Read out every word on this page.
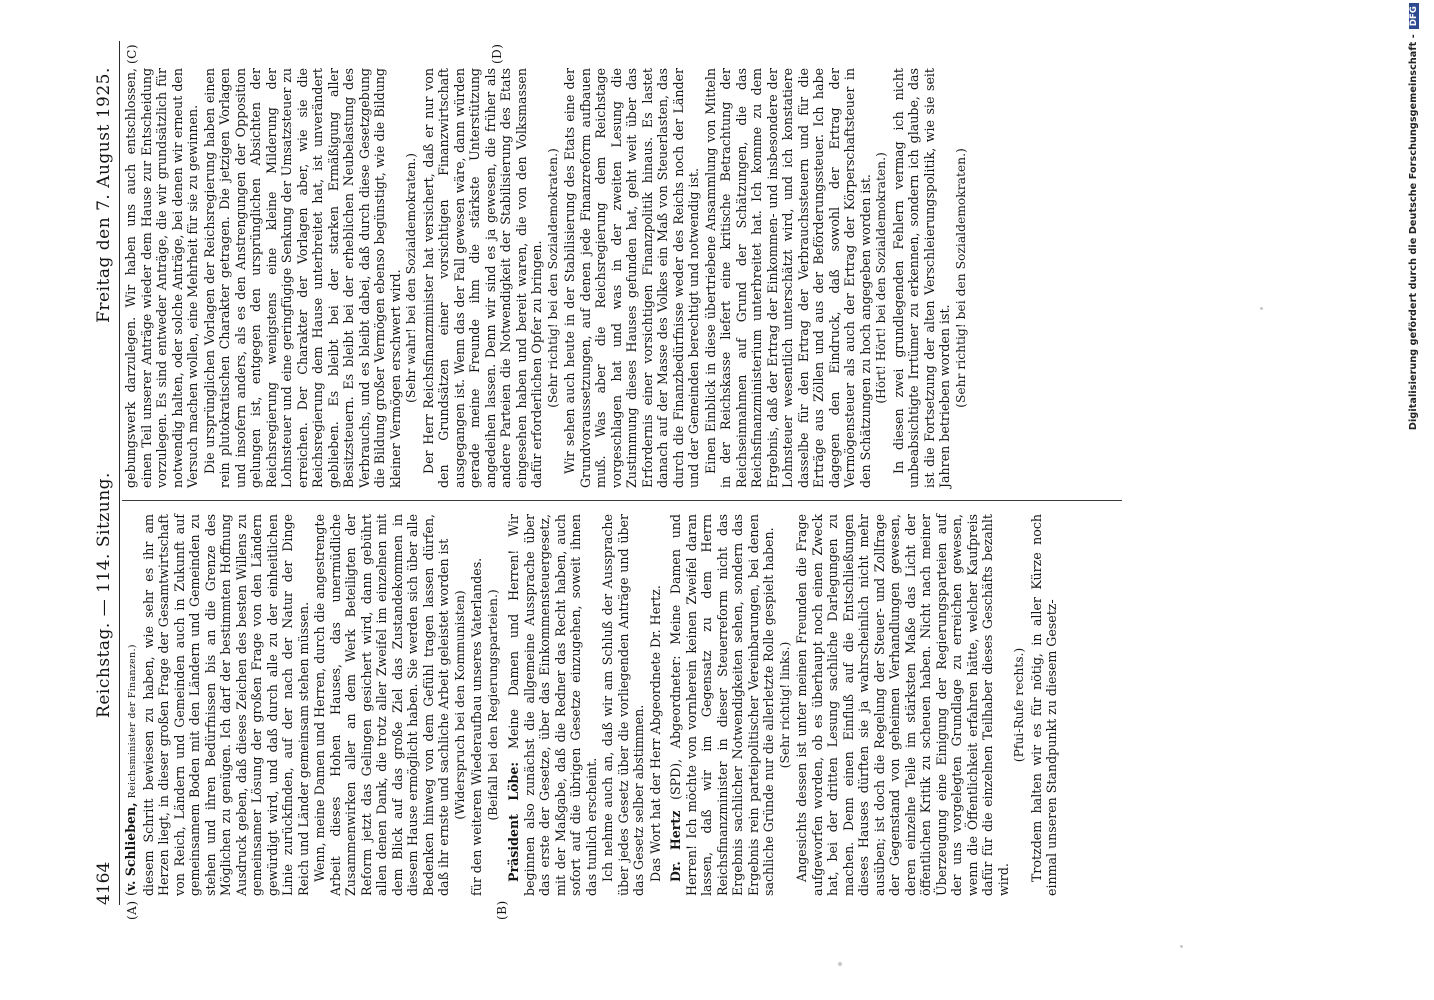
4164
Reichstag. — 114. Sitzung.
Freitag den 7. August 1925.
(A)	(B)
(C)	(D)

(v. Schlieben, Reichsminister der Finanzen.) diesem Schritt bewiesen zu haben, wie sehr es ihr am Herzen liegt, in dieser großen Frage der Gesamtwirtschaft von Reich, Ländern und Gemeinden auch in Zukunft auf gemeinsamem Boden mit den Ländern und Gemeinden zu stehen und ihren Bedürfnissen bis an die Grenze des Möglichen zu genügen. Ich darf der bestimmten Hoffnung Ausdruck geben, daß dieses Zeichen des besten Willens zu gemeinsamer Lösung der großen Frage von den Ländern gewürdigt wird, und daß durch alle zu der einheitlichen Linie zurückfinden, auf der nach der Natur der Dinge Reich und Länder gemeinsam stehen müssen. Wenn, meine Damen und Herren, durch die angestrengte Arbeit dieses Hohen Hauses, das unermüdliche Zusammenwirken aller an dem Werk Beteiligten der Reform jetzt das Gelingen gesichert wird, dann gebührt allen denen Dank, die trotz aller Zweifel im einzelnen mit dem Blick auf das große Ziel das Zustandekommen in diesem Hause ermöglicht haben. Sie werden sich über alle Bedenken hinweg von dem Gefühl tragen lassen dürfen, daß ihr ernste und sachliche Arbeit geleistet worden ist (Widerspruch bei den Kommunisten) für den weiteren Wiederaufbau unseres Vaterlandes. (Beifall bei den Regierungsparteien.)

Präsident Löbe: Meine Damen und Herren! Wir beginnen also zunächst die allgemeine Aussprache über das erste der Gesetze, über das Einkommensteuergesetz, mit der Maßgabe, daß die Redner das Recht haben, auch sofort auf die übrigen Gesetze einzugehen, soweit ihnen das tunlich erscheint. Ich nehme auch an, daß wir am Schluß der Aussprache über jedes Gesetz über die vorliegenden Anträge und über das Gesetz selber abstimmen. Das Wort hat der Herr Abgeordnete Dr. Hertz. Dr. Hertz (SPD), Abgeordneter: Meine Damen und Herren! Ich möchte von vornherein keinen Zweifel daran lassen, daß wir im Gegensatz zu dem Herrn Reichsfinanzminister in dieser Steuerreform nicht das Ergebnis sachlicher Notwendigkeiten sehen, sondern das Ergebnis rein parteipolitischer Vereinbarungen, bei denen sachliche Gründe nur die allerletzte Rolle gespielt haben. (Sehr richtig! links.) Angesichts dessen ist unter meinen Freunden die Frage aufgeworfen worden, ob es überhaupt noch einen Zweck hat, bei der dritten Lesung sachliche Darlegungen zu machen. Denn einen Einfluß auf die Entschließungen dieses Hauses dürften sie ja wahrscheinlich nicht mehr ausüben; ist doch die Regelung der Steuer- und Zollfrage der Gegenstand von geheimen Verhandlungen gewesen, deren einzelne Teile im stärksten Maße das Licht der öffentlichen Kritik zu scheuen haben. Nicht nach meiner Überzeugung eine Einigung der Regierungsparteien auf der uns vorgelegten Grundlage zu erreichen gewesen, wenn die Öffentlichkeit erfahren hätte, welcher Kaufpreis dafür für die einzelnen Teilhaber dieses Geschäfts bezahlt wird.

(Pfui-Rufe rechts.) Trotzdem halten wir es für nötig, in aller Kürze noch einmal unseren Standpunkt zu diesem Gesetz-

gebungswerk darzulegen. Wir haben uns auch entschlossen, einen Teil unserer Anträge wieder dem Hause zur Entscheidung vorzulegen. Es sind entweder Anträge, die wir grundsätzlich für notwendig halten, oder solche Anträge, bei denen wir erneut den Versuch machen wollen, eine Mehrheit für sie zu gewinnen. Die ursprünglichen Vorlagen der Reichsregierung haben einen rein plutokratischen Charakter getragen. Die jetzigen Vorlagen und insofern anders, als es den Anstrengungen der Opposition gelungen ist, entgegen den ursprünglichen Absichten der Reichsregierung wenigstens eine kleine Milderung der Lohnsteuer und eine geringfügige Senkung der Umsatzsteuer zu erreichen. Der Charakter der Vorlagen aber, wie sie die Reichsregierung dem Hause unterbreitet hat, ist unverändert geblieben. Es bleibt bei der starken Ermäßigung aller Besitzsteuern. Es bleibt bei der erheblichen Neubelastung des Verbrauchs, und es bleibt dabei, daß durch diese Gesetzgebung die Bildung großer Vermögen ebenso begünstigt, wie die Bildung kleiner Vermögen erschwert wird. (Sehr wahr! bei den Sozialdemokraten.) Der Herr Reichsfinanzminister hat versichert, daß er nur von den Grundsätzen einer vorsichtigen Finanzwirtschaft ausgegangen ist. Wenn das der Fall gewesen wäre, dann würden gerade meine Freunde ihm die stärkste Unterstützung angedeihen lassen. Denn wir sind es ja gewesen, die früher als andere Parteien die Notwendigkeit der Stabilisierung des Etats eingesehen haben und bereit waren, die von den Volksmassen dafür erforderlichen Opfer zu bringen. (Sehr richtig! bei den Sozialdemokraten.) Wir sehen auch heute in der Stabilisierung des Etats eine der Grundvoraussetzungen, auf denen jede Finanzreform aufbauen muß. Was aber die Reichsregierung dem Reichstage vorgeschlagen hat und was in der zweiten Lesung die Zustimmung dieses Hauses gefunden hat, geht weit über das Erfordernis einer vorsichtigen Finanzpolitik hinaus. Es lastet danach auf der Masse des Volkes ein Maß von Steuerlasten, das durch die Finanzbedürfnisse weder des Reichs noch der Länder und der Gemeinden berechtigt und notwendig ist. Einen Einblick in diese übertriebene Ansammlung von Mitteln in der Reichskasse liefert eine kritische Betrachtung der Reichseinnahmen auf Grund der Schätzungen, die das Reichsfinanzministerium unterbreitet hat. Ich komme zu dem Ergebnis, daß der Ertrag der Einkommen- und insbesondere der Lohnsteuer wesentlich unterschätzt wird, und ich konstatiere dasselbe für den Ertrag der Verbrauchssteuern und für die Erträge aus Zöllen und aus der Beförderungssteuer. Ich habe dagegen den Eindruck, daß sowohl der Ertrag der Vermögensteuer als auch der Ertrag der Körperschaftsteuer in den Schätzungen zu hoch angegeben worden ist. (Hört! Hört! bei den Sozialdemokraten.) In diesen zwei grundlegenden Fehlern vermag ich nicht unbeabsichtigte Irrtümer zu erkennen, sondern ich glaube, das ist die Fortsetzung der alten Verschleierungspolitik, wie sie seit Jahren betrieben worden ist. (Sehr richtig! bei den Sozialdemokraten.)	Digitalisierung gefördert durch die Deutsche Forschungsgemeinschaft -DFG
